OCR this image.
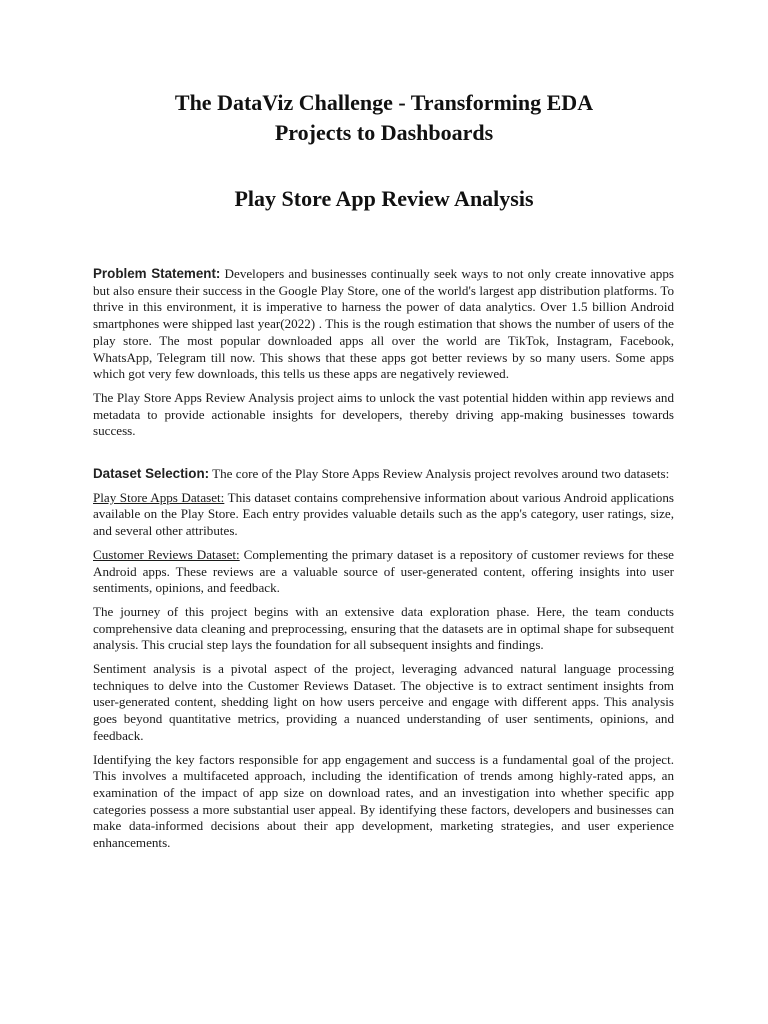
The DataViz Challenge - Transforming EDA
Projects to Dashboards
Play Store App Review Analysis

Problem Statement: Developers and businesses continually seek ways to not only create innovative apps but also ensure their success in the Google Play Store, one of the world's largest app distribution platforms. To thrive in this environment, it is imperative to harness the power of data analytics. Over 1.5 billion Android smartphones were shipped last year(2022) . This is the rough estimation that shows the number of users of the play store. The most popular downloaded apps all over the world are TikTok, Instagram, Facebook, WhatsApp, Telegram till now. This shows that these apps got better reviews by so many users. Some apps which got very few downloads, this tells us these apps are negatively reviewed.

The Play Store Apps Review Analysis project aims to unlock the vast potential hidden within app reviews and metadata to provide actionable insights for developers, thereby driving app-making businesses towards success.

Dataset Selection: The core of the Play Store Apps Review Analysis project revolves around two datasets:

Play Store Apps Dataset: This dataset contains comprehensive information about various Android applications available on the Play Store. Each entry provides valuable details such as the app's category, user ratings, size, and several other attributes.

Customer Reviews Dataset: Complementing the primary dataset is a repository of customer reviews for these Android apps. These reviews are a valuable source of user-generated content, offering insights into user sentiments, opinions, and feedback.

The journey of this project begins with an extensive data exploration phase. Here, the team conducts comprehensive data cleaning and preprocessing, ensuring that the datasets are in optimal shape for subsequent analysis. This crucial step lays the foundation for all subsequent insights and findings.

Sentiment analysis is a pivotal aspect of the project, leveraging advanced natural language processing techniques to delve into the Customer Reviews Dataset. The objective is to extract sentiment insights from user-generated content, shedding light on how users perceive and engage with different apps. This analysis goes beyond quantitative metrics, providing a nuanced understanding of user sentiments, opinions, and feedback.

Identifying the key factors responsible for app engagement and success is a fundamental goal of the project. This involves a multifaceted approach, including the identification of trends among highly-rated apps, an examination of the impact of app size on download rates, and an investigation into whether specific app categories possess a more substantial user appeal. By identifying these factors, developers and businesses can make data-informed decisions about their app development, marketing strategies, and user experience enhancements.
